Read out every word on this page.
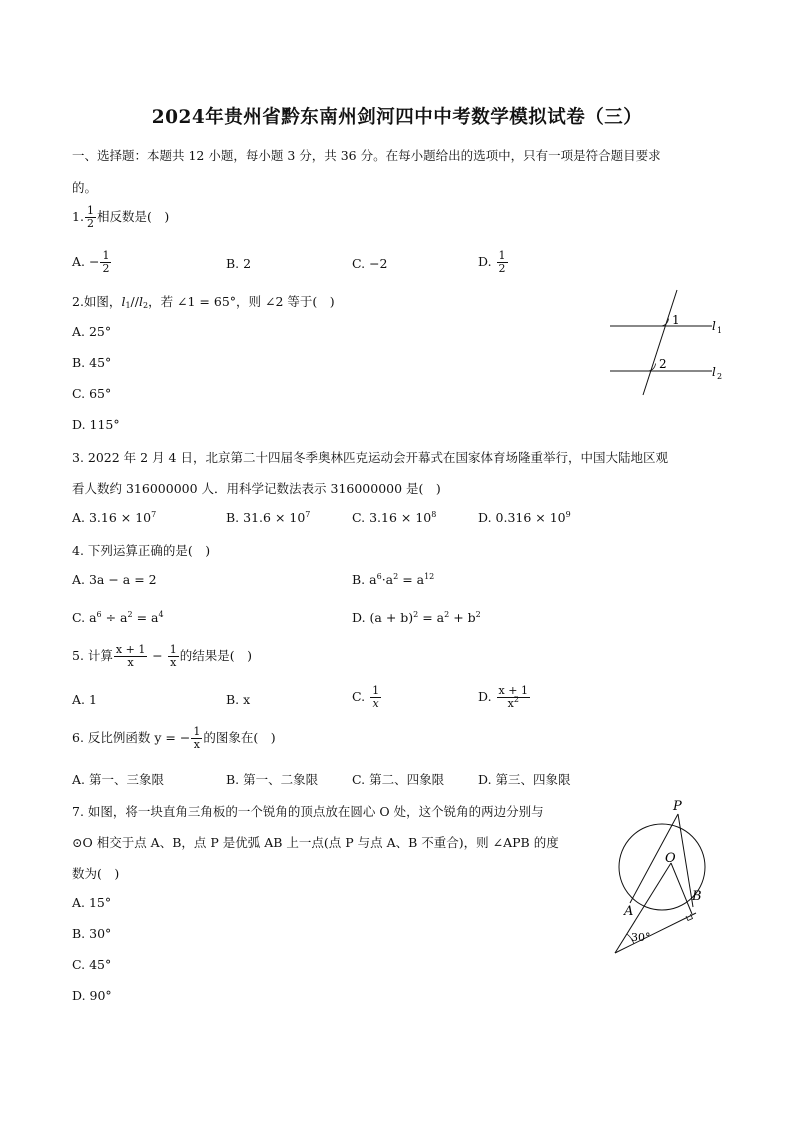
2024年贵州省黔东南州剑河四中中考数学模拟试卷（三）
一、选择题：本题共 12 小题，每小题 3 分，共 36 分。在每小题给出的选项中，只有一项是符合题目要求
的。
1. $\frac{1}{2}$ 相反数是(　)
A. − $\frac{1}{2}$	B. 2	C. −2	D. $\frac{1}{2}$
2.如图，$l_1//l_2$，若 ∠1 = 65°，则 ∠2 等于(　)
A. 25°
B. 45°
C. 65°
D. 115°
1
2
l 1
l 2
3. 2022 年 2 月 4 日，北京第二十四届冬季奥林匹克运动会开幕式在国家体育场隆重举行，中国大陆地区观
看人数约 316000000 人．用科学记数法表示 316000000 是(　)
A. $3.16 \times 10^7$	B. $31.6 \times 10^7$	C. $3.16 \times 10^8$	D. $0.316 \times 10^9$
4. 下列运算正确的是(　)
A. 3a − a = 2	B. $a^6\cdot a^2 = a^{12}$
C. $a^6 \div a^2 = a^4$	D. $(a + b)^2 = a^2 + b^2$
5. 计算 $\frac{x + 1}{x} - \frac{1}{x}$ 的结果是(　)
A. 1	B. x	C. $\frac{1}{x}$	D. $\frac{x + 1}{x^2}$
6. 反比例函数 y = − $\frac{1}{x}$ 的图象在(　)
A. 第一、三象限	B. 第一、二象限	C. 第二、四象限	D. 第三、四象限
7. 如图，将一块直角三角板的一个锐角的顶点放在圆心 O 处，这个锐角的两边分别与
⊙O 相交于点 A、B，点 P 是优弧 AB 上一点(点 P 与点 A、B 不重合)，则 ∠APB 的度
数为(　)
A. 15°
B. 30°
C. 45°
D. 90°
P
O
A
B
30°
